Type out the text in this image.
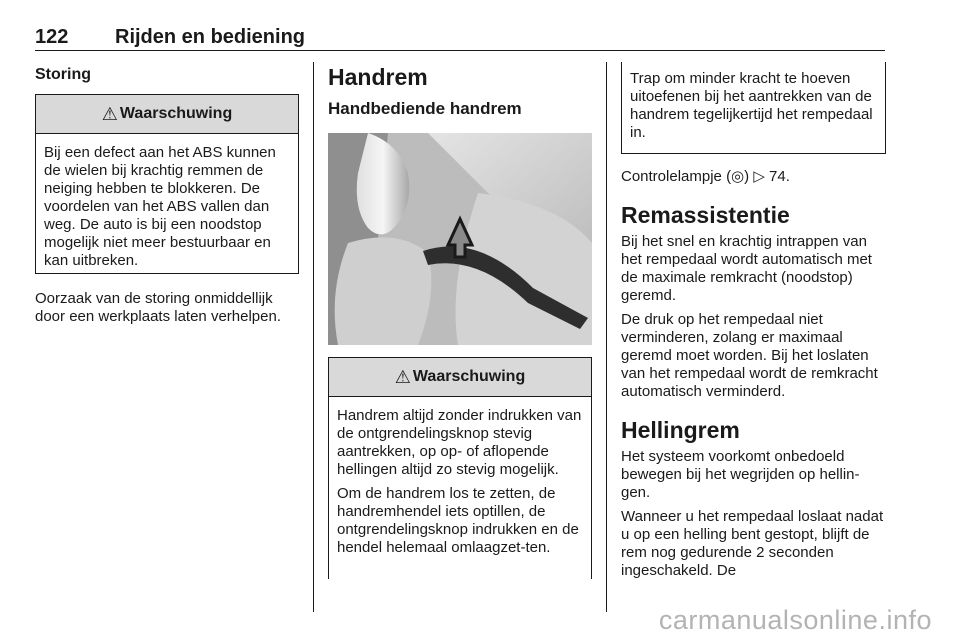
122 Rijden en bediening
Storing
⚠ Waarschuwing

Bij een defect aan het ABS kunnen de wielen bij krachtig remmen de neiging hebben te blokkeren. De voordelen van het ABS vallen dan weg. De auto is bij een noodstop mogelijk niet meer bestuurbaar en kan uitbreken.

Oorzaak van de storing onmiddellijk door een werkplaats laten verhelpen.

Handrem
Handbediende handrem
⚠ Waarschuwing

Handrem altijd zonder indrukken van de ontgrendelingsknop stevig aantrekken, op op- of aflopende hellingen altijd zo stevig mogelijk.

Om de handrem los te zetten, de handremhendel iets optillen, de ontgrendelingsknop indrukken en de hendel helemaal omlaagzet-ten.

Trap om minder kracht te hoeven uitoefenen bij het aantrekken van de handrem tegelijkertijd het rempedaal in.

Controlelampje (◎) ▷ 74.

Remassistentie

Bij het snel en krachtig intrappen van het rempedaal wordt automatisch met de maximale remkracht (noodstop) geremd.

De druk op het rempedaal niet verminderen, zolang er maximaal geremd moet worden. Bij het loslaten van het rempedaal wordt de remkracht automatisch verminderd.

Hellingrem

Het systeem voorkomt onbedoeld bewegen bij het wegrijden op hellin-gen.

Wanneer u het rempedaal loslaat nadat u op een helling bent gestopt, blijft de rem nog gedurende 2 seconden ingeschakeld. De

carmanualsonline.info
